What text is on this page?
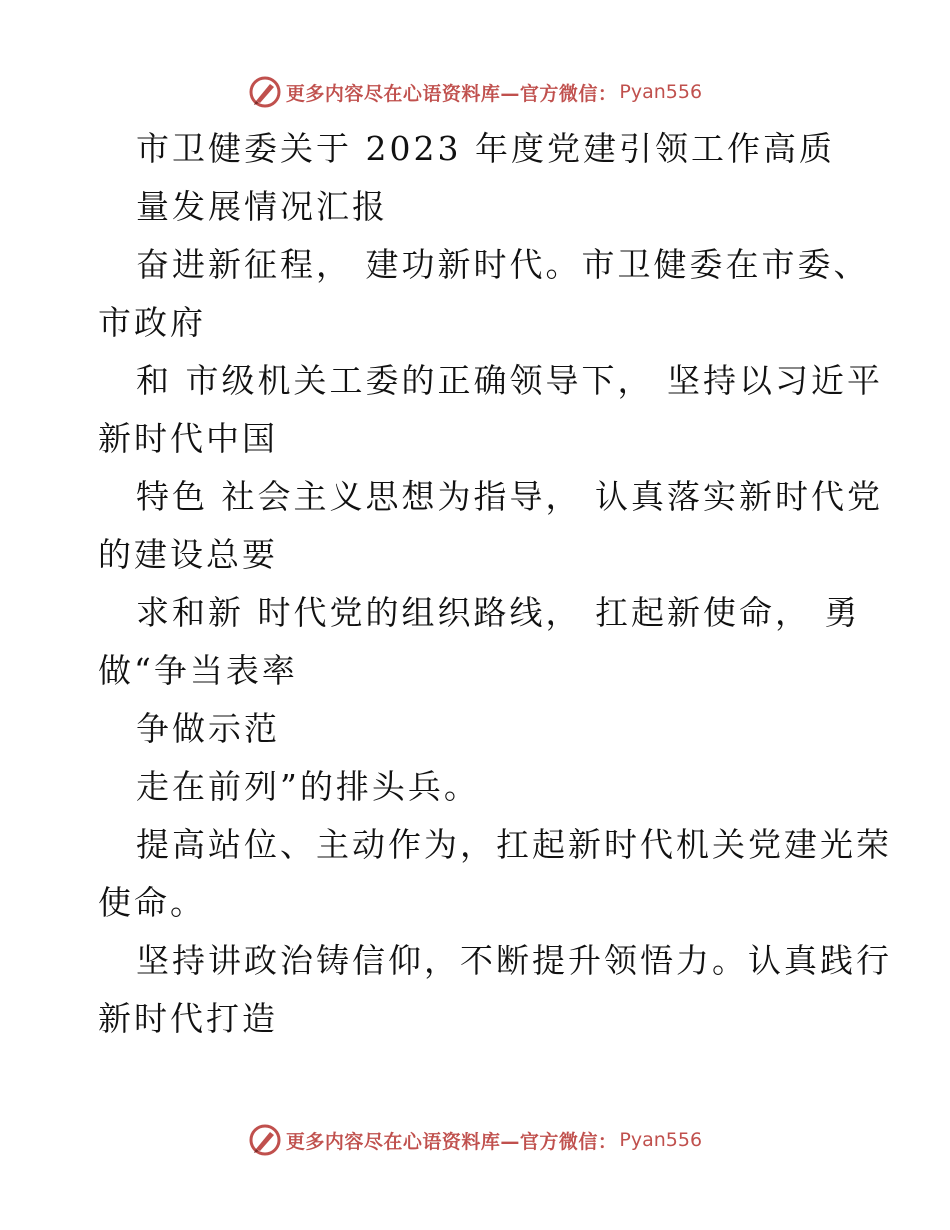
更多内容尽在心语资料库—官方微信： Pyan556
市卫健委关于 2023 年度党建引领工作高质
量发展情况汇报
奋进新征程， 建功新时代。市卫健委在市委、
市政府
和 市级机关工委的正确领导下， 坚持以习近平
新时代中国
特色 社会主义思想为指导， 认真落实新时代党
的建设总要
求和新 时代党的组织路线， 扛起新使命， 勇
做“争当表率
争做示范
走在前列”的排头兵。
提高站位、主动作为，扛起新时代机关党建光荣
使命。
坚持讲政治铸信仰，不断提升领悟力。认真践行
新时代打造
更多内容尽在心语资料库—官方微信： Pyan556
